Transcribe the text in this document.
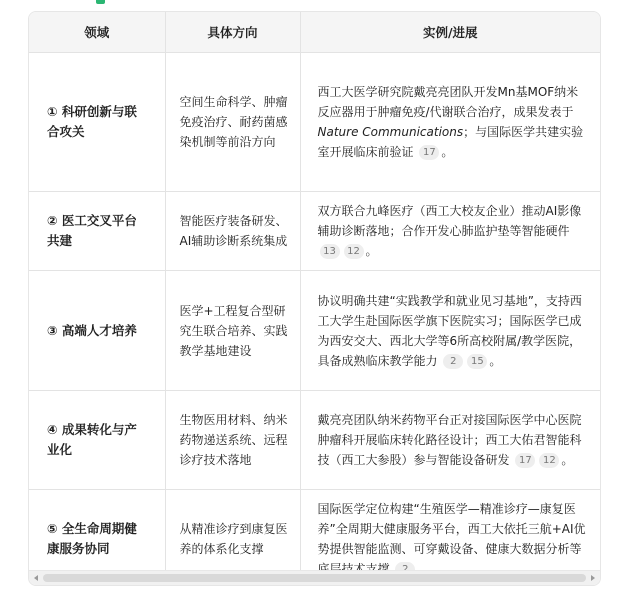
领域	具体方向	实例/进展
① 科研创新与联合攻关	空间生命科学、肿瘤免疫治疗、耐药菌感染机制等前沿方向	西工大医学研究院戴亮亮团队开发Mn基MOF纳米反应器用于肿瘤免疫/代谢联合治疗，成果发表于Nature Communications；与国际医学共建实验室开展临床前验证 17 。
② 医工交叉平台共建	智能医疗装备研发、AI辅助诊断系统集成	双方联合九峰医疗（西工大校友企业）推动AI影像辅助诊断落地；合作开发心肺监护垫等智能硬件 13 12 。
③ 高端人才培养	医学+工程复合型研究生联合培养、实践教学基地建设	协议明确共建“实践教学和就业见习基地”，支持西工大学生赴国际医学旗下医院实习；国际医学已成为西安交大、西北大学等6所高校附属/教学医院，具备成熟临床教学能力 2 15 。
④ 成果转化与产业化	生物医用材料、纳米药物递送系统、远程诊疗技术落地	戴亮亮团队纳米药物平台正对接国际医学中心医院肿瘤科开展临床转化路径设计；西工大佑君智能科技（西工大参股）参与智能设备研发 17 12 。
⑤ 全生命周期健康服务协同	从精准诊疗到康复医养的体系化支撑	国际医学定位构建“生殖医学—精准诊疗—康复医养”全周期大健康服务平台，西工大依托三航+AI优势提供智能监测、可穿戴设备、健康大数据分析等
